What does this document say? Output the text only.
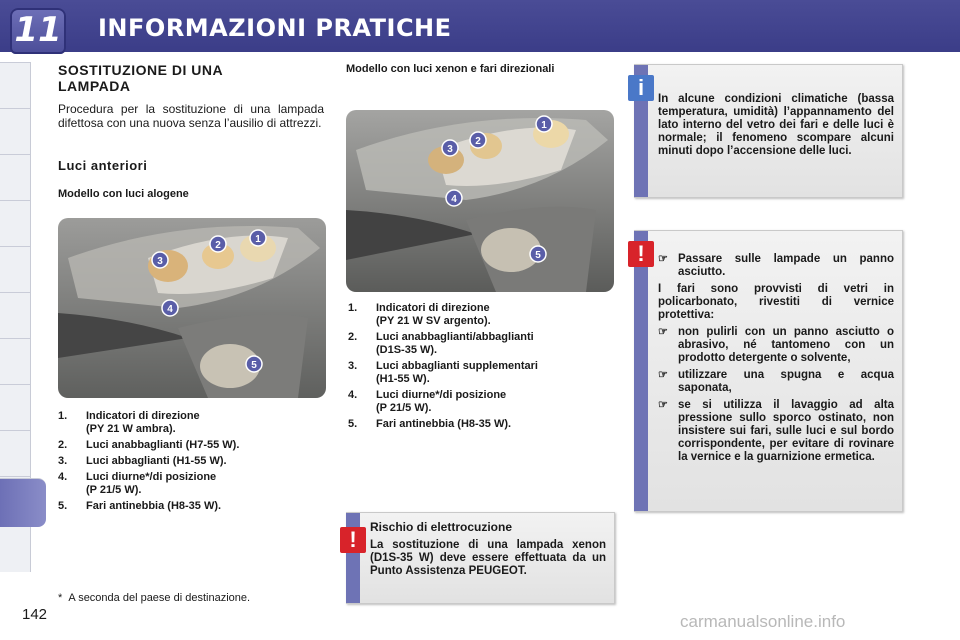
11 INFORMAZIONI PRATICHE
SOSTITUZIONE DI UNA LAMPADA
Procedura per la sostituzione di una lampada difettosa con una nuova senza l’ausilio di attrezzi.
Luci anteriori
Modello con luci alogene
1
2
3
4
5
1.	Indicatori di direzione
(PY 21 W ambra).
2.	Luci anabbaglianti (H7-55 W).
3.	Luci abbaglianti (H1-55 W).
4.	Luci diurne*/di posizione
(P 21/5 W).
5.	Fari antinebbia (H8-35 W).
* A seconda del paese di destinazione.
142
Modello con luci xenon e fari direzionali
1
2
3
4
5
1.	Indicatori di direzione
(PY 21 W SV argento).
2.	Luci anabbaglianti/abbaglianti
(D1S-35 W).
3.	Luci abbaglianti supplementari
(H1-55 W).
4.	Luci diurne*/di posizione
(P 21/5 W).
5.	Fari antinebbia (H8-35 W).
!	Rischio di elettrocuzione
La sostituzione di una lampada xenon (D1S-35 W) deve essere effettuata da un Punto Assistenza PEUGEOT.
i	In alcune condizioni climatiche (bassa temperatura, umidità) l’appannamento del lato interno del vetro dei fari e delle luci è normale; il fenomeno scompare alcuni minuti dopo l’accensione delle luci.
!	☞ Passare sulle lampade un panno asciutto.
I fari sono provvisti di vetri in policarbonato, rivestiti di vernice protettiva:
☞ non pulirli con un panno asciutto o abrasivo, né tantomeno con un prodotto detergente o solvente,
☞ utilizzare una spugna e acqua saponata,
☞ se si utilizza il lavaggio ad alta pressione sullo sporco ostinato, non insistere sui fari, sulle luci e sul bordo corrispondente, per evitare di rovinare la vernice e la guarnizione ermetica.
carmanualsonline.info
